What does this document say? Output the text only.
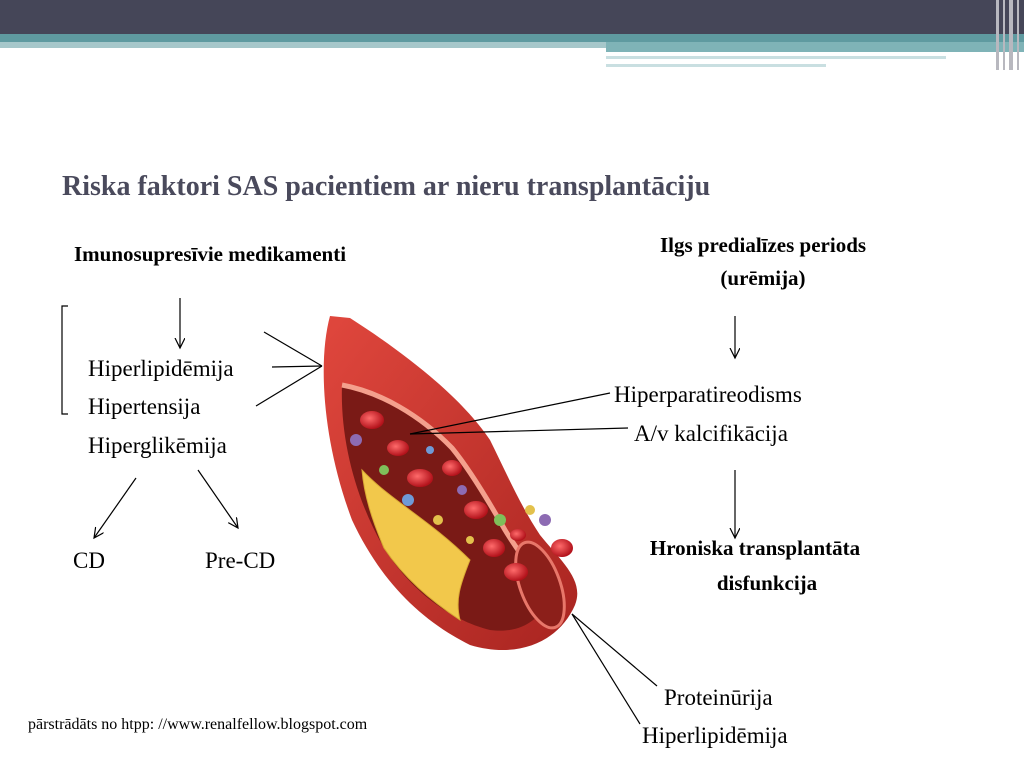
Riska faktori SAS pacientiem ar nieru transplantāciju
Imunosupresīvie medikamenti
Hiperlipidēmija
Hipertensija
Hiperglikēmija
CD	Pre-CD
Ilgs predialīzes periods
(urēmija)
Hiperparatireodisms
A/v kalcifikācija
Hroniska transplantāta
disfunkcija
Proteinūrija
Hiperlipidēmija
pārstrādāts no htpp: //www.renalfellow.blogspot.com
